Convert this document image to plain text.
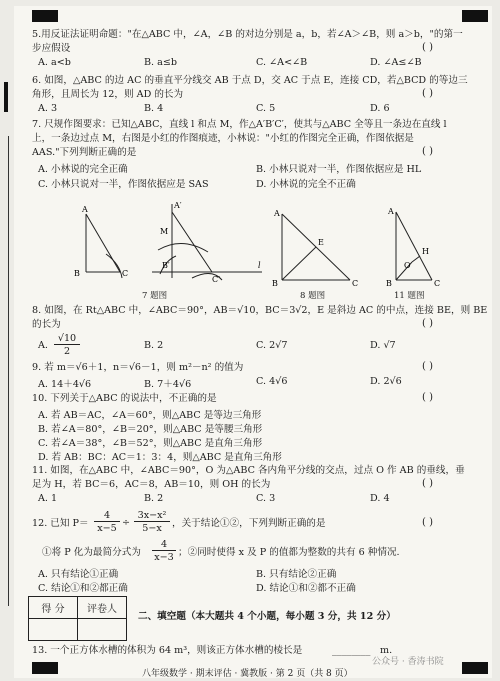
5.用反证法证明命题："在△ABC 中，∠A，∠B 的对边分别是 a，b，若∠A＞∠B，则 a＞b，"的第一
步应假设	( )
A. a<b	B. a≤b	C. ∠A<∠B	D. ∠A≤∠B
6. 如图，△ABC 的边 AC 的垂直平分线交 AB 于点 D，交 AC 于点 E，连接 CD，若△BCD 的等边三
角形，且周长为 12，则 AD 的长为	( )
A. 3	B. 4	C. 5	D. 6
7. 尺规作图要求：已知△ABC，直线 l 和点 M，作△A′B′C′，使其与△ABC 全等且一条边在直线 l
上，一条边过点 M，右图是小红的作图痕迹，小林说："小红的作图完全正确，作图依据是
AAS."下列判断正确的是	( )
A. 小林说的完全正确	B. 小林只说对一半，作图依据应是 HL
C. 小林只说对一半，作图依据应是 SAS	D. 小林说的完全不正确
A
B	C
M
A′
B′
C′
l
7 题图
A
B	C
E
8 题图
A
B	C
O
H
11 题图
8. 如图，在 Rt△ABC 中，∠ABC＝90°，AB＝√10，BC＝3√2，E 是斜边 AC 的中点，连接 BE，则 BE
的长为	( )
A.
√10
2
B. 2	C. 2√7	D. √7
9. 若 m＝√6＋1，n＝√6－1，则 m²－n² 的值为	( )
A. 14＋4√6	B. 7＋4√6	C. 4√6	D. 2√6
10. 下列关于△ABC 的说法中，不正确的是	( )
A. 若 AB＝AC，∠A＝60°，则△ABC 是等边三角形
B. 若∠A＝80°，∠B＝20°，则△ABC 是等腰三角形
C. 若∠A＝38°，∠B＝52°，则△ABC 是直角三角形
D. 若 AB：BC：AC＝1：3：4，则△ABC 是直角三角形
11. 如图，在△ABC 中，∠ABC＝90°，O 为△ABC 各内角平分线的交点，过点 O 作 AB 的垂线，垂
足为 H，若 BC＝6，AC＝8，AB＝10，则 OH 的长为	( )
A. 1	B. 2	C. 3	D. 4
12. 已知 P＝
4
x−5
÷
3x−x²
5−x	，关于结论①②，下列判断正确的是	( )
①将 P 化为最简分式为
4
x−3 ；②同时使得 x 及 P 的值都为整数的共有 6 种情况.
A. 只有结论①正确	B. 只有结论②正确
C. 结论①和②都正确	D. 结论①和②都不正确
得 分	评卷人

二、填空题（本大题共 4 个小题，每小题 3 分，共 12 分）
13. 一个正方体水槽的体积为 64 m³，则该正方体水槽的棱长是	________ m.
八年级数学 · 期末评估 · 冀教版 · 第 2 页（共 8 页）
公众号 · 香涛书院
